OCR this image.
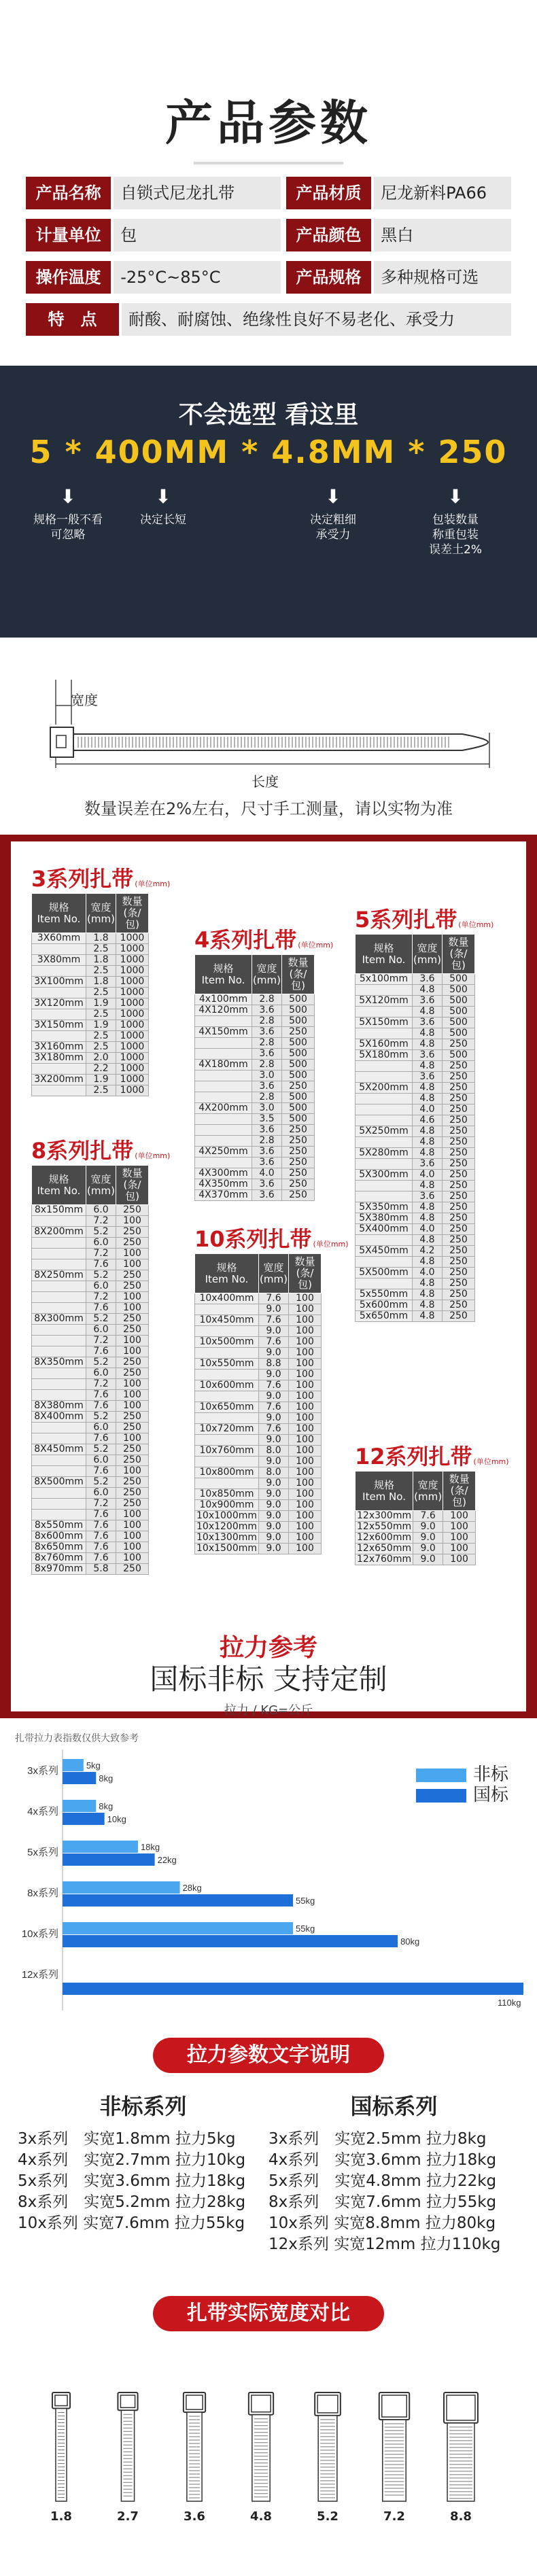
产品参数
产品名称	自锁式尼龙扎带	产品材质	尼龙新料PA66
计量单位	包	产品颜色	黑白
操作温度	-25°C~85°C	产品规格	多种规格可选
特　点	耐酸、耐腐蚀、绝缘性良好不易老化、承受力
不会选型 看这里
5 * 400MM * 4.8MM * 250
⬇
规格一般不看
可忽略
⬇
决定长短
⬇
决定粗细
承受力
⬇
包装数量
称重包装
误差土2%
宽度
长度
数量误差在2%左右，尺寸手工测量，请以实物为准
拉力参考
国标非标 支持定制
拉力 / KG=公斤
3系列扎带 (单位mm)
规格
Item No.	宽度
(mm)	数量
(条/包)
3X60mm	1.8	1000
	2.5	1000
3X80mm	1.8	1000
	2.5	1000
3X100mm	1.8	1000
	2.5	1000
3X120mm	1.9	1000
	2.5	1000
3X150mm	1.9	1000
	2.5	1000
3X160mm	2.5	1000
3X180mm	2.0	1000
	2.2	1000
3X200mm	1.9	1000
	2.5	1000
4系列扎带 (单位mm)
规格
Item No.	宽度
(mm)	数量
(条/包)
4x100mm	2.8	500
4X120mm	3.6	500
	2.8	500
4X150mm	3.6	250
	2.8	500
	3.6	500
4X180mm	2.8	500
	3.0	500
	3.6	250
	2.8	500
4X200mm	3.0	500
	3.5	500
	3.6	250
	2.8	250
4X250mm	3.6	250
	3.6	250
4X300mm	4.0	250
4X350mm	3.6	250
4X370mm	3.6	250
5系列扎带 (单位mm)
规格
Item No.	宽度
(mm)	数量
(条/包)
5x100mm	3.6	500
	4.8	500
5X120mm	3.6	500
	4.8	500
5X150mm	3.6	500
	4.8	500
5X160mm	4.8	250
5X180mm	3.6	500
	4.8	250
	3.6	250
5X200mm	4.8	250
	4.8	250
	4.0	250
	4.6	250
5X250mm	4.8	250
	4.8	250
5X280mm	4.8	250
	3.6	250
5X300mm	4.0	250
	4.8	250
	3.6	250
5X350mm	4.8	250
5X380mm	4.8	250
5X400mm	4.0	250
	4.8	250
5X450mm	4.2	250
	4.8	250
5X500mm	4.0	250
	4.8	250
5x550mm	4.8	250
5x600mm	4.8	250
5x650mm	4.8	250
8系列扎带 (单位mm)
规格
Item No.	宽度
(mm)	数量
(条/包)
8x150mm	6.0	250
	7.2	100
8X200mm	5.2	250
	6.0	250
	7.2	100
	7.6	100
8X250mm	5.2	250
	6.0	250
	7.2	100
	7.6	100
8X300mm	5.2	250
	6.0	250
	7.2	100
	7.6	100
8X350mm	5.2	250
	6.0	250
	7.2	100
	7.6	100
8X380mm	7.6	100
8X400mm	5.2	250
	6.0	250
	7.6	100
8X450mm	5.2	250
	6.0	250
	7.6	100
8X500mm	5.2	250
	6.0	250
	7.2	250
	7.6	100
8x550mm	7.6	100
8x600mm	7.6	100
8x650mm	7.6	100
8x760mm	7.6	100
8x970mm	5.8	250
10系列扎带 (单位mm)
规格
Item No.	宽度
(mm)	数量
(条/包)
10x400mm	7.6	100
	9.0	100
10x450mm	7.6	100
	9.0	100
10x500mm	7.6	100
	9.0	100
10x550mm	8.8	100
	9.0	100
10x600mm	7.6	100
	9.0	100
10x650mm	7.6	100
	9.0	100
10x720mm	7.6	100
	9.0	100
10x760mm	8.0	100
	9.0	100
10x800mm	8.0	100
	9.0	100
10x850mm	9.0	100
10x900mm	9.0	100
10x1000mm	9.0	100
10x1200mm	9.0	100
10x1300mm	9.0	100
10x1500mm	9.0	100
12系列扎带 (单位mm)
规格
Item No.	宽度
(mm)	数量
(条/包)
12x300mm	7.6	100
12x550mm	9.0	100
12x600mm	9.0	100
12x650mm	9.0	100
12x760mm	9.0	100
扎带拉力表指数仅供大致参考
3x系列	5kg
8kg
4x系列	8kg
10kg
5x系列	18kg
22kg
8x系列	28kg
55kg
10x系列	55kg
80kg
12x系列
110kg
非标
国标
拉力参数文字说明
非标系列
3x系列　实宽1.8mm 拉力5kg
4x系列　实宽2.7mm 拉力10kg
5x系列　实宽3.6mm 拉力18kg
8x系列　实宽5.2mm 拉力28kg
10x系列 实宽7.6mm 拉力55kg
国标系列
3x系列　实宽2.5mm 拉力8kg
4x系列　实宽3.6mm 拉力18kg
5x系列　实宽4.8mm 拉力22kg
8x系列　实宽7.6mm 拉力55kg
10x系列 实宽8.8mm 拉力80kg
12x系列 实宽12mm 拉力110kg
扎带实际宽度对比
1.8	2.7	3.6	4.8	5.2	7.2	8.8
